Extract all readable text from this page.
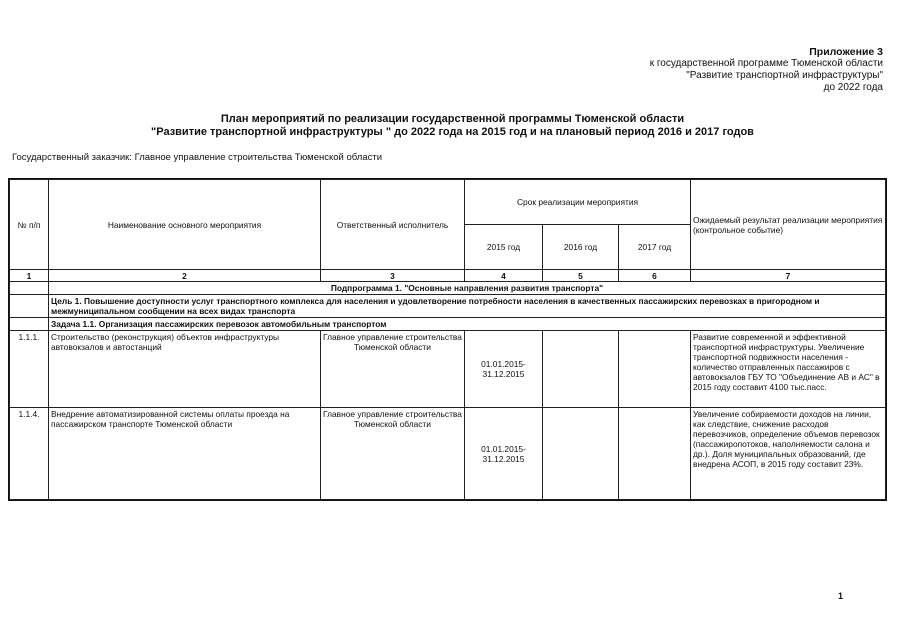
Приложение 3
к государственной программе Тюменской области
"Развитие транспортной инфраструктуры"
до 2022 года
План мероприятий по реализации государственной программы Тюменской области
"Развитие транспортной инфраструктуры " до 2022 года на 2015 год и на плановый период 2016 и 2017 годов
Государственный заказчик: Главное управление строительства Тюменской области
№ п/п	Наименование основного мероприятия	Ответственный исполнитель	Срок реализации мероприятия			Ожидаемый результат реализации мероприятия (контрольное событие)
			2015 год	2016 год	2017 год	
1	2	3	4	5	6	7
	Подпрограмма 1. "Основные направления развития транспорта"					
	Цель 1. Повышение доступности услуг транспортного комплекса для населения и удовлетворение потребности населения в качественных пассажирских перевозках в пригородном и межмуниципальном сообщении на всех видах транспорта					
	Задача 1.1. Организация пассажирских перевозок автомобильным транспортом					
1.1.1.	Строительство (реконструкция) объектов инфраструктуры автовокзалов и автостанций	Главное управление строительства Тюменской области	01.01.2015-31.12.2015			Развитие современной и эффективной транспортной инфраструктуры. Увеличение транспортной подвижности населения - количество отправленных пассажиров с автовокзалов ГБУ ТО "Объединение АВ и АС" в 2015 году составит 4100 тыс.пасс.
1.1.4.	Внедрение автоматизированной системы оплаты проезда на пассажирском транспорте Тюменской области	Главное управление строительства Тюменской области	01.01.2015-31.12.2015			Увеличение собираемости доходов на линии, как следствие, снижение расходов перевозчиков, определение объемов перевозок (пассажиропотоков, наполняемости салона и др.). Доля муниципальных образований, где внедрена АСОП, в 2015 году составит 23%.
1
